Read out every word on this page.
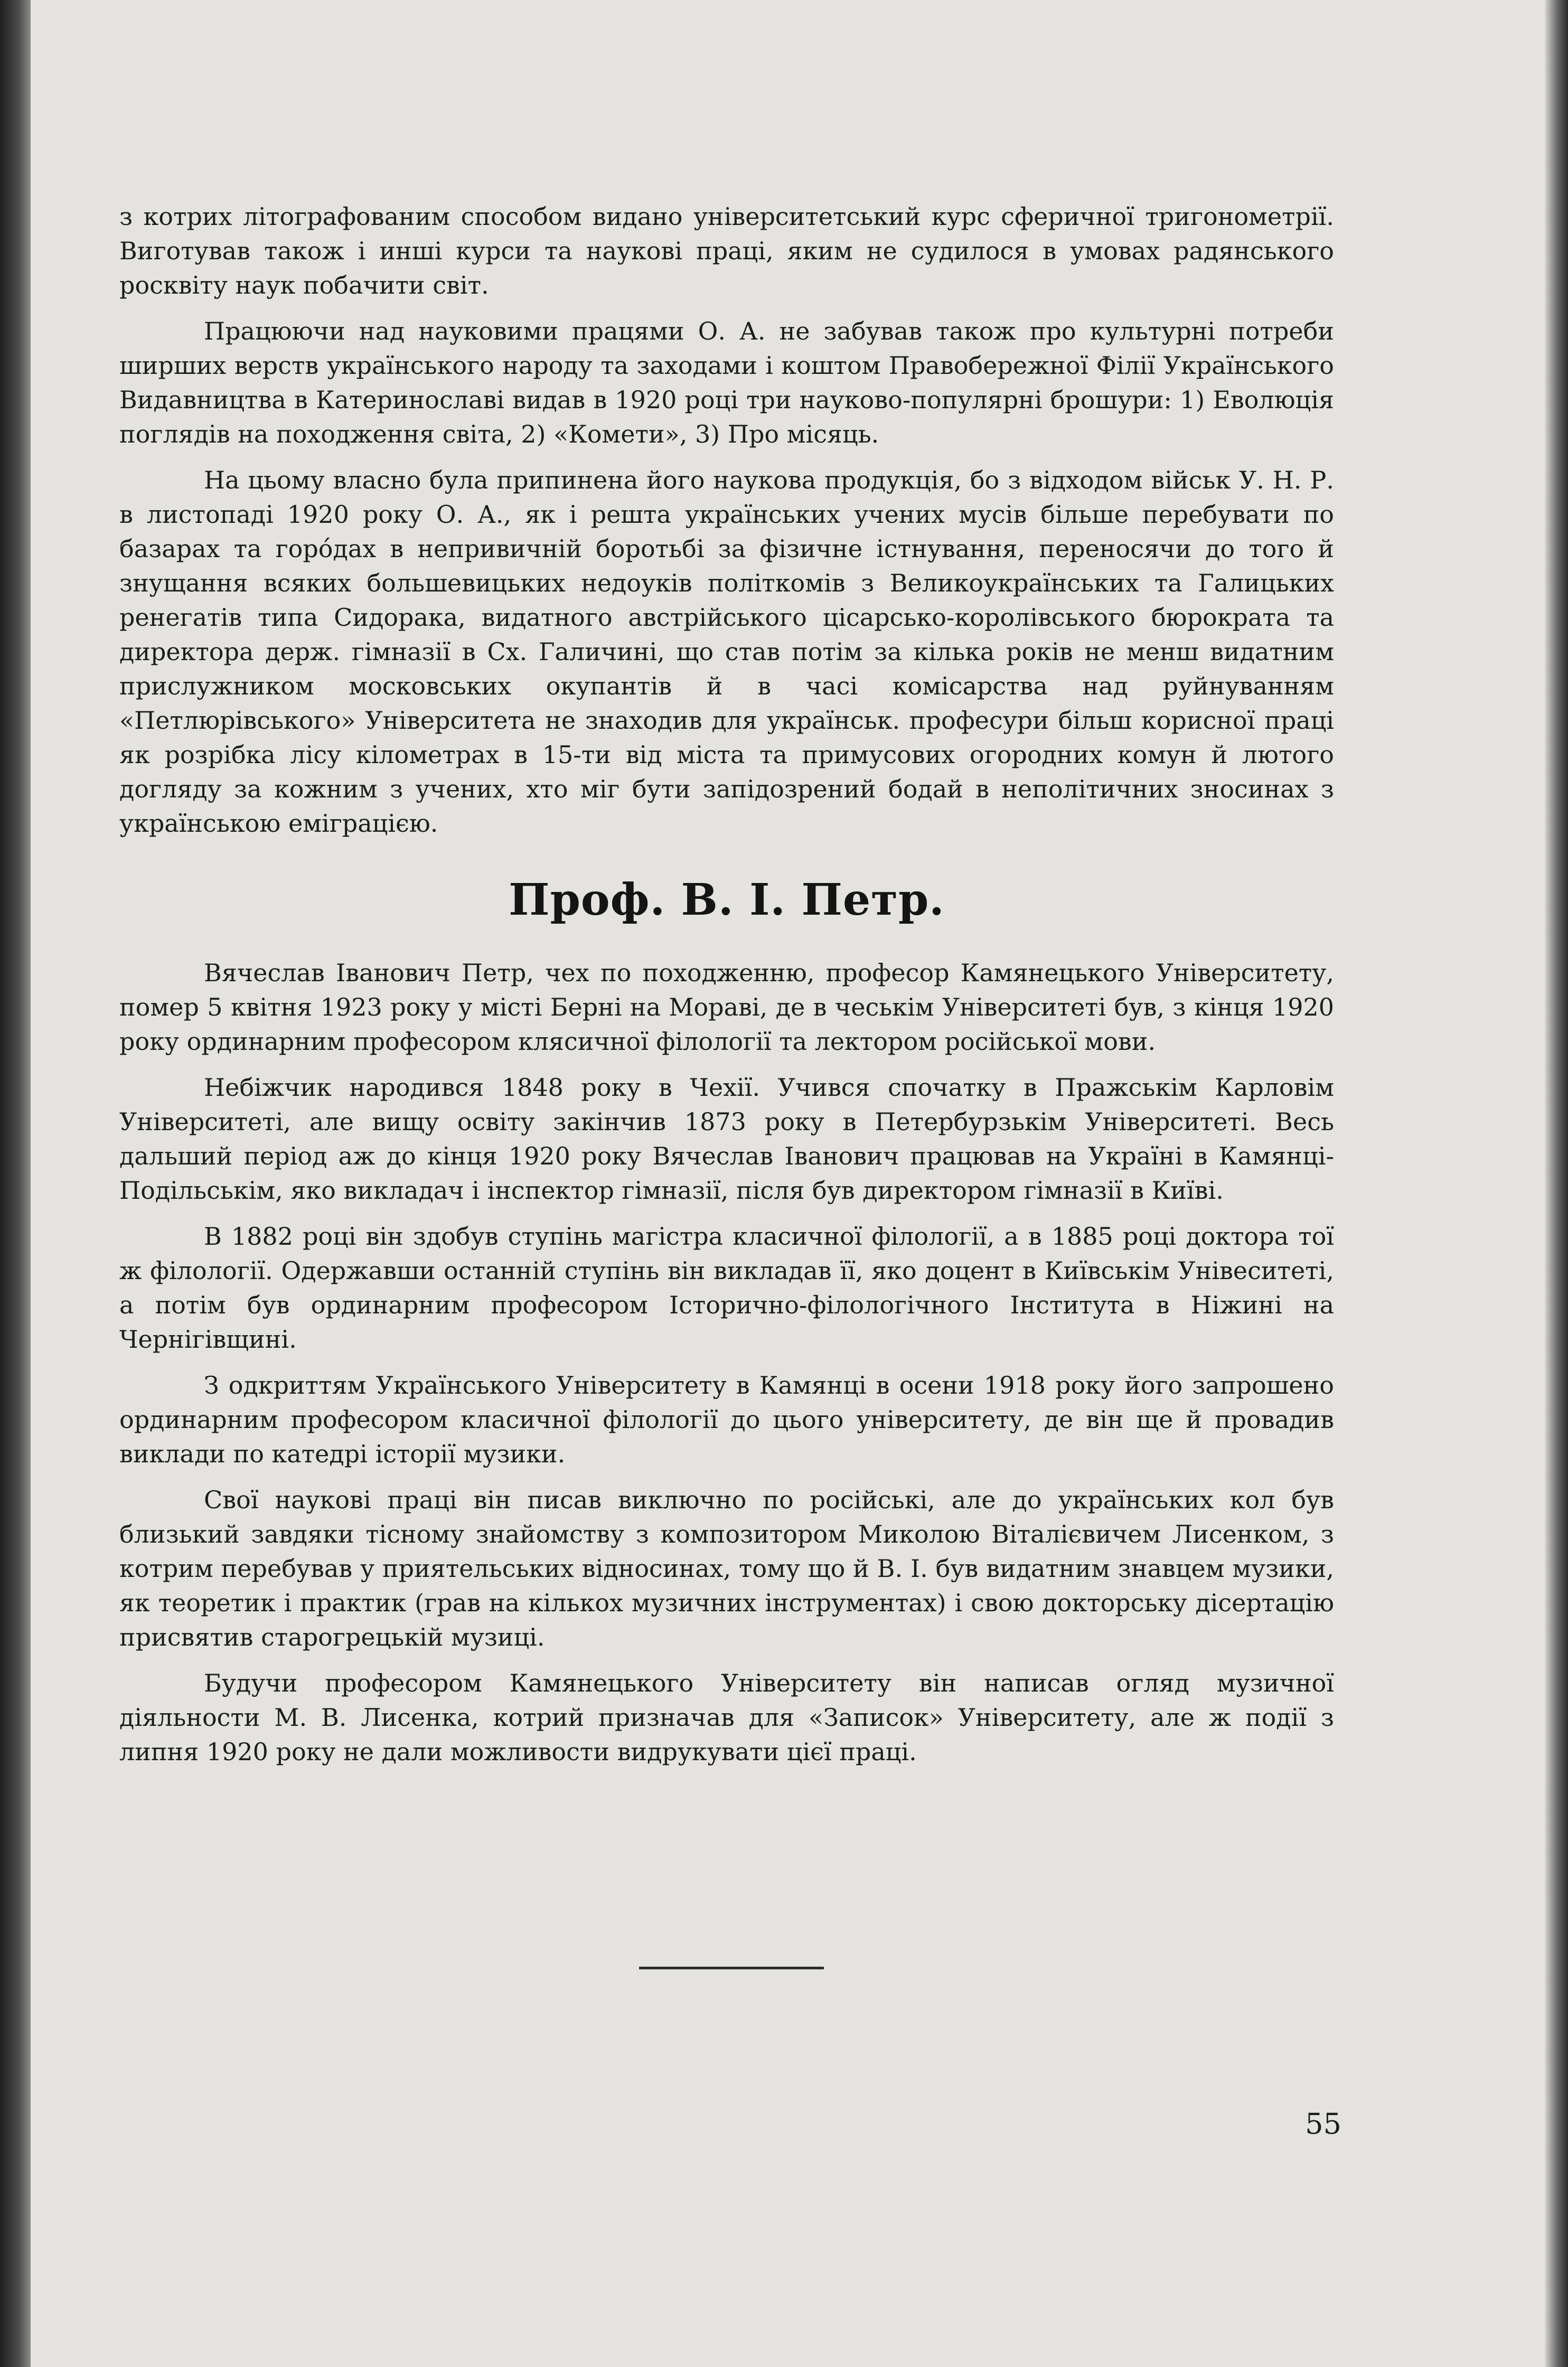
з котрих літографованим способом видано університетський курс сферичної тригонометрії. Виготував також і инші курси та наукові праці, яким не судилося в умовах радянського росквіту наук побачити світ.

Працюючи над науковими працями О. А. не забував також про культурні потреби ширших верств українського народу та заходами і коштом Правобережної Філії Українського Видавництва в Катеринославі видав в 1920 році три науково-популярні брошури: 1) Еволюція поглядів на походження світа, 2) «Комети», 3) Про місяць.

На цьому власно була припинена його наукова продукція, бо з відходом військ У. Н. Р. в листопаді 1920 року О. А., як і решта українських учених мусів більше перебувати по базарах та горо́дах в непривичній боротьбі за фізичне істнування, переносячи до того й знущання всяких большевицьких недоуків політкомів з Великоукраїнських та Галицьких ренегатів типа Сидорака, видатного австрійського цісарсько-королівського бюрократа та директора держ. гімназії в Сх. Галичині, що став потім за кілька років не менш видатним прислужником московських окупантів й в часі комісарства над руйнуванням «Петлюрівського» Університета не знаходив для українськ. професури більш корисної праці як розрібка лісу кілометрах в 15-ти від міста та примусових огородних комун й лютого догляду за кожним з учених, хто міг бути запідозрений бодай в неполітичних зносинах з українською еміграцією.

Проф. В. І. Петр.

Вячеслав Іванович Петр, чех по походженню, професор Камянецького Університету, помер 5 квітня 1923 року у місті Берні на Мораві, де в чеськім Університеті був, з кінця 1920 року ординарним професором клясичної філології та лектором російської мови.

Небіжчик народився 1848 року в Чехії. Учився спочатку в Пражськім Карловім Університеті, але вищу освіту закінчив 1873 року в Петербурзькім Університеті. Весь дальший період аж до кінця 1920 року Вячеслав Іванович працював на Україні в Камянці-Подільськім, яко викладач і інспектор гімназії, після був директором гімназії в Київі.

В 1882 році він здобув ступінь магістра класичної філології, а в 1885 році доктора тої ж філології. Одержавши останній ступінь він викладав її, яко доцент в Київськім Унівеситеті, а потім був ординарним професором Історично-філологічного Інститута в Ніжині на Чернігівщині.

З одкриттям Українського Університету в Камянці в осени 1918 року його запрошено ординарним професором класичної філології до цього університету, де він ще й провадив виклади по катедрі історії музики.

Свої наукові праці він писав виключно по російські, але до українських кол був близький завдяки тісному знайомству з композитором Миколою Віталієвичем Лисенком, з котрим перебував у приятельських відносинах, тому що й В. І. був видатним знавцем музики, як теоретик і практик (грав на кількох музичних інструментах) і свою докторську дісертацію присвятив старогрецькій музиці.

Будучи професором Камянецького Університету він написав огляд музичної діяльности М. В. Лисенка, котрий призначав для «Записок» Університету, але ж події з липня 1920 року не дали можливости видрукувати цієї праці.

55
